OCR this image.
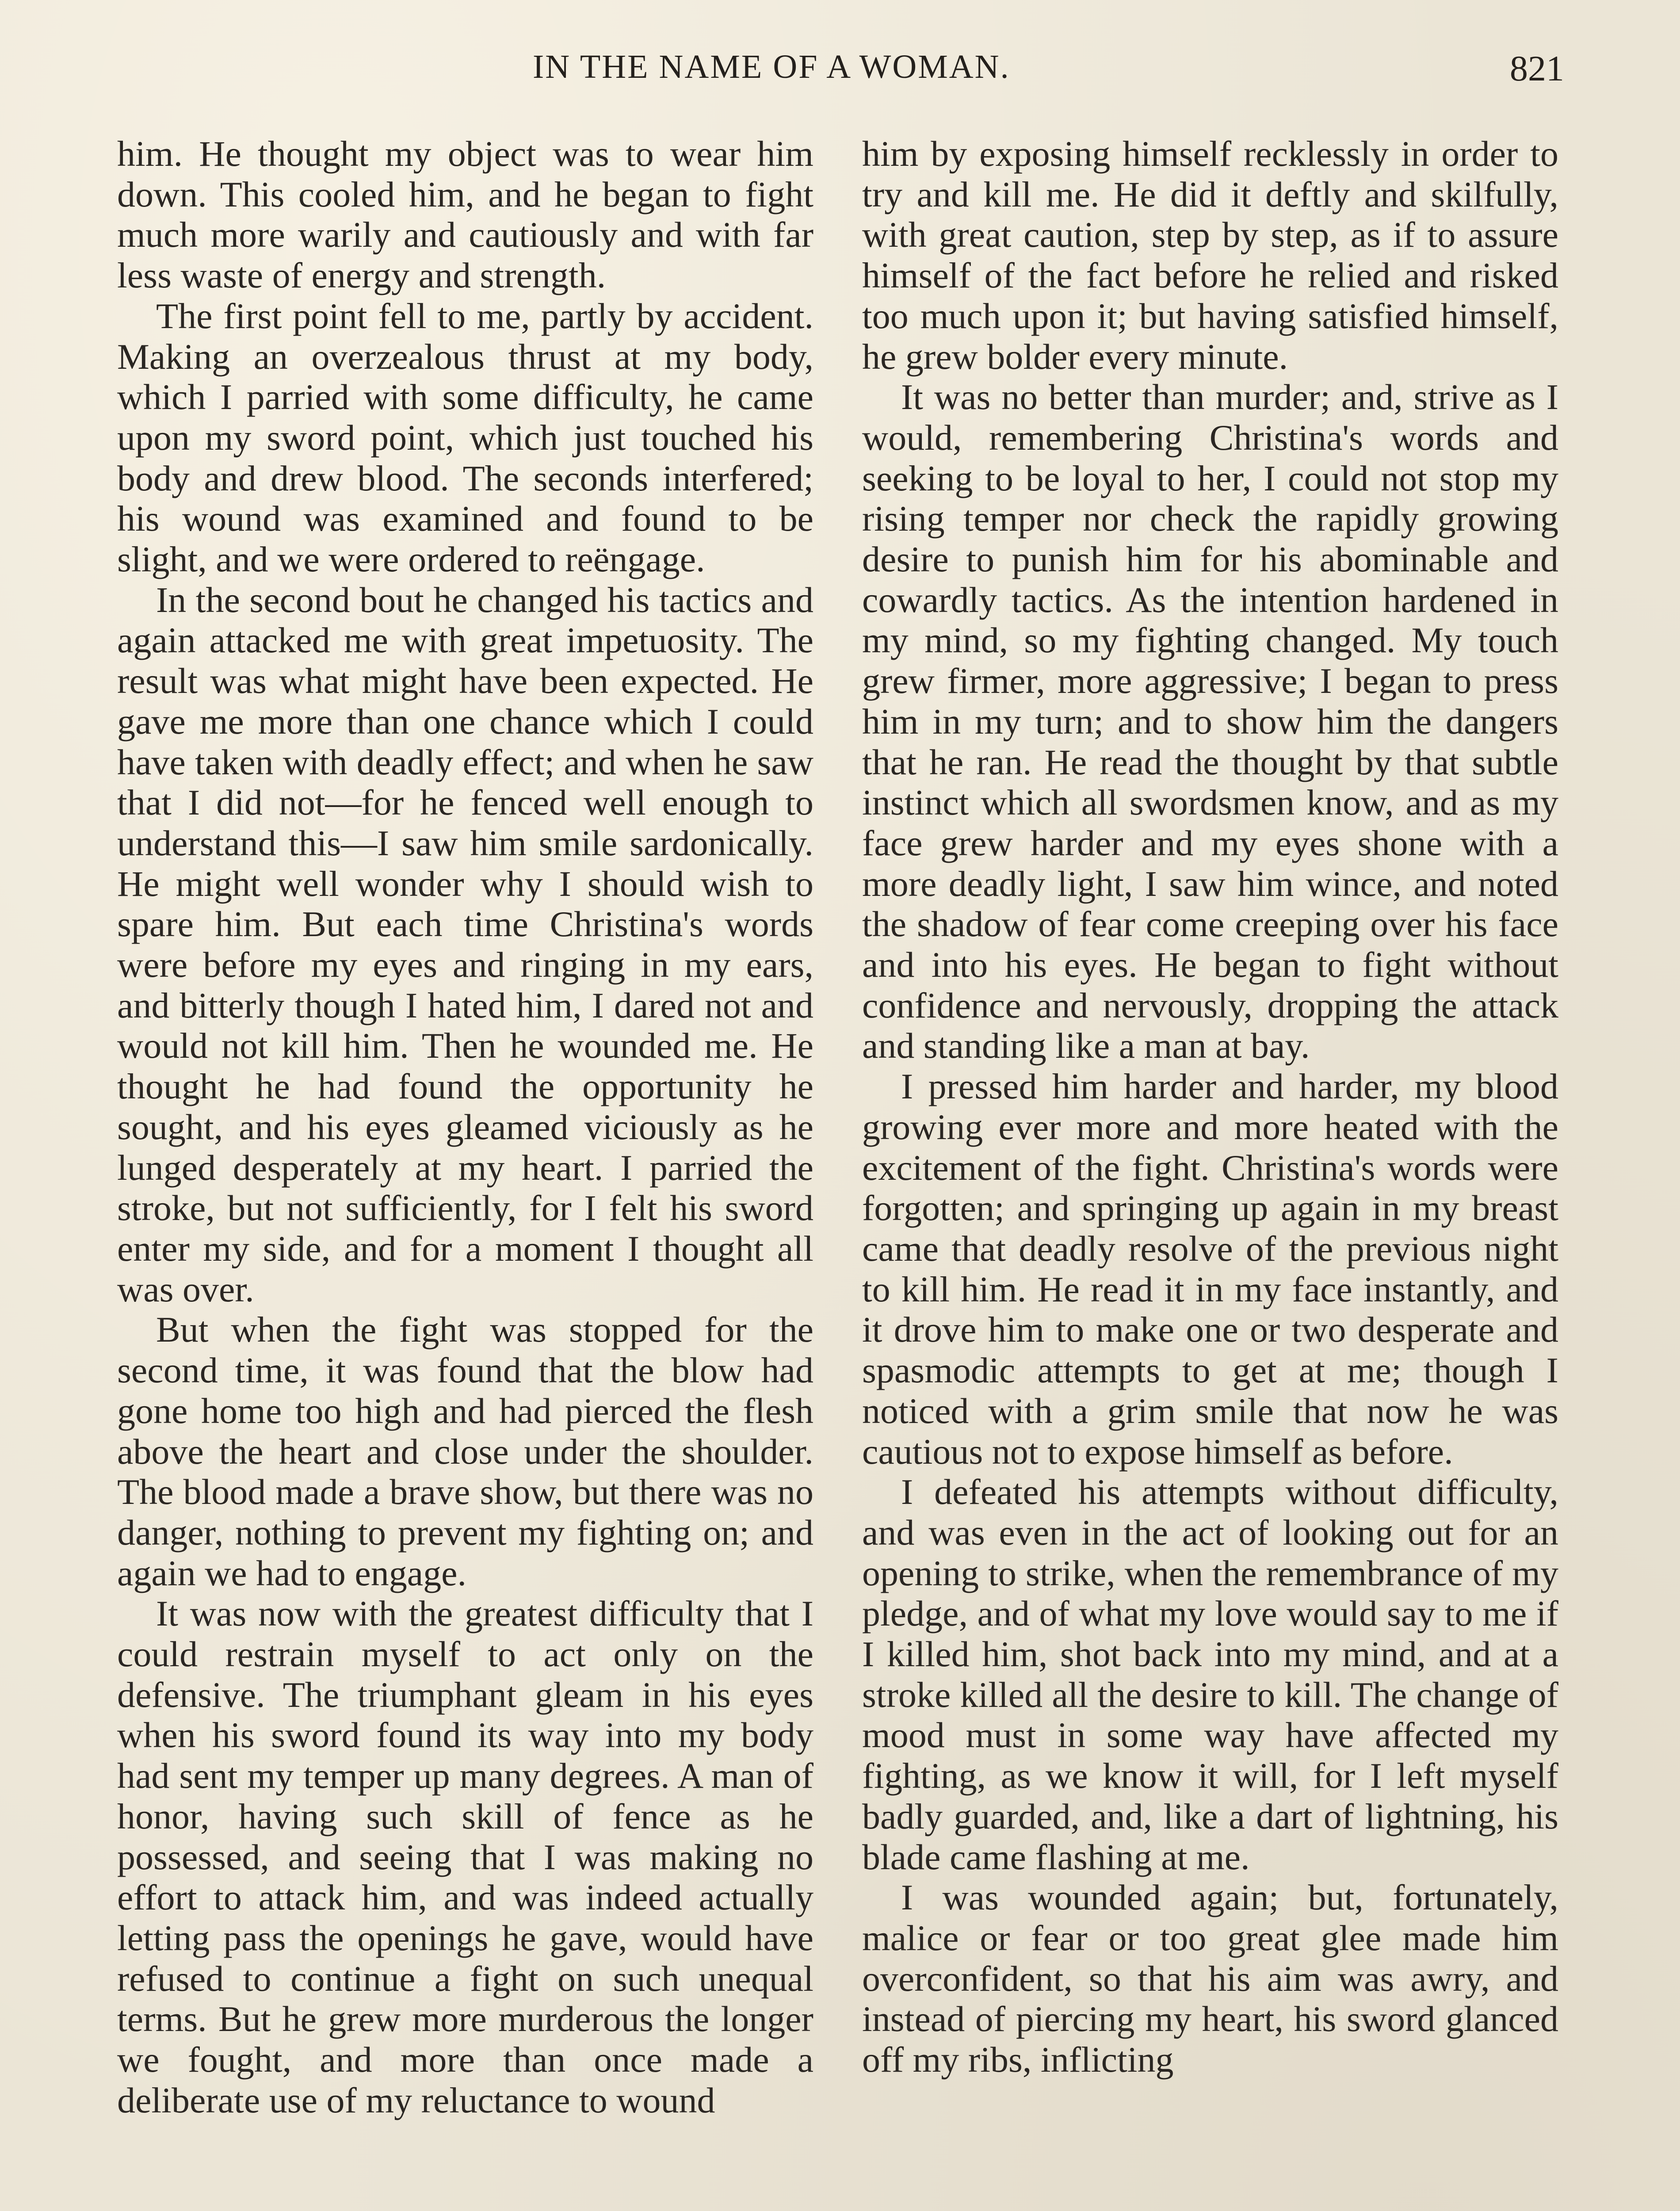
IN THE NAME OF A WOMAN.	821

him. He thought my object was to wear him down. This cooled him, and he began to fight much more warily and cautiously and with far less waste of energy and strength.

The first point fell to me, partly by accident. Making an overzealous thrust at my body, which I parried with some difficulty, he came upon my sword point, which just touched his body and drew blood. The seconds interfered; his wound was examined and found to be slight, and we were ordered to reëngage.

In the second bout he changed his tactics and again attacked me with great impetuosity. The result was what might have been expected. He gave me more than one chance which I could have taken with deadly effect; and when he saw that I did not—for he fenced well enough to understand this—I saw him smile sardonically. He might well wonder why I should wish to spare him. But each time Christina's words were before my eyes and ringing in my ears, and bitterly though I hated him, I dared not and would not kill him. Then he wounded me. He thought he had found the opportunity he sought, and his eyes gleamed viciously as he lunged desperately at my heart. I parried the stroke, but not sufficiently, for I felt his sword enter my side, and for a moment I thought all was over.

But when the fight was stopped for the second time, it was found that the blow had gone home too high and had pierced the flesh above the heart and close under the shoulder. The blood made a brave show, but there was no danger, nothing to prevent my fighting on; and again we had to engage.

It was now with the greatest difficulty that I could restrain myself to act only on the defensive. The triumphant gleam in his eyes when his sword found its way into my body had sent my temper up many degrees. A man of honor, having such skill of fence as he possessed, and seeing that I was making no effort to attack him, and was indeed actually letting pass the openings he gave, would have refused to continue a fight on such unequal terms. But he grew more murderous the longer we fought, and more than once made a deliberate use of my reluctance to wound

him by exposing himself recklessly in order to try and kill me. He did it deftly and skilfully, with great caution, step by step, as if to assure himself of the fact before he relied and risked too much upon it; but having satisfied himself, he grew bolder every minute.

It was no better than murder; and, strive as I would, remembering Christina's words and seeking to be loyal to her, I could not stop my rising temper nor check the rapidly growing desire to punish him for his abominable and cowardly tactics. As the intention hardened in my mind, so my fighting changed. My touch grew firmer, more aggressive; I began to press him in my turn; and to show him the dangers that he ran. He read the thought by that subtle instinct which all swordsmen know, and as my face grew harder and my eyes shone with a more deadly light, I saw him wince, and noted the shadow of fear come creeping over his face and into his eyes. He began to fight without confidence and nervously, dropping the attack and standing like a man at bay.

I pressed him harder and harder, my blood growing ever more and more heated with the excitement of the fight. Christina's words were forgotten; and springing up again in my breast came that deadly resolve of the previous night to kill him. He read it in my face instantly, and it drove him to make one or two desperate and spasmodic attempts to get at me; though I noticed with a grim smile that now he was cautious not to expose himself as before.

I defeated his attempts without difficulty, and was even in the act of looking out for an opening to strike, when the remembrance of my pledge, and of what my love would say to me if I killed him, shot back into my mind, and at a stroke killed all the desire to kill. The change of mood must in some way have affected my fighting, as we know it will, for I left myself badly guarded, and, like a dart of lightning, his blade came flashing at me.

I was wounded again; but, fortunately, malice or fear or too great glee made him overconfident, so that his aim was awry, and instead of piercing my heart, his sword glanced off my ribs, inflicting
